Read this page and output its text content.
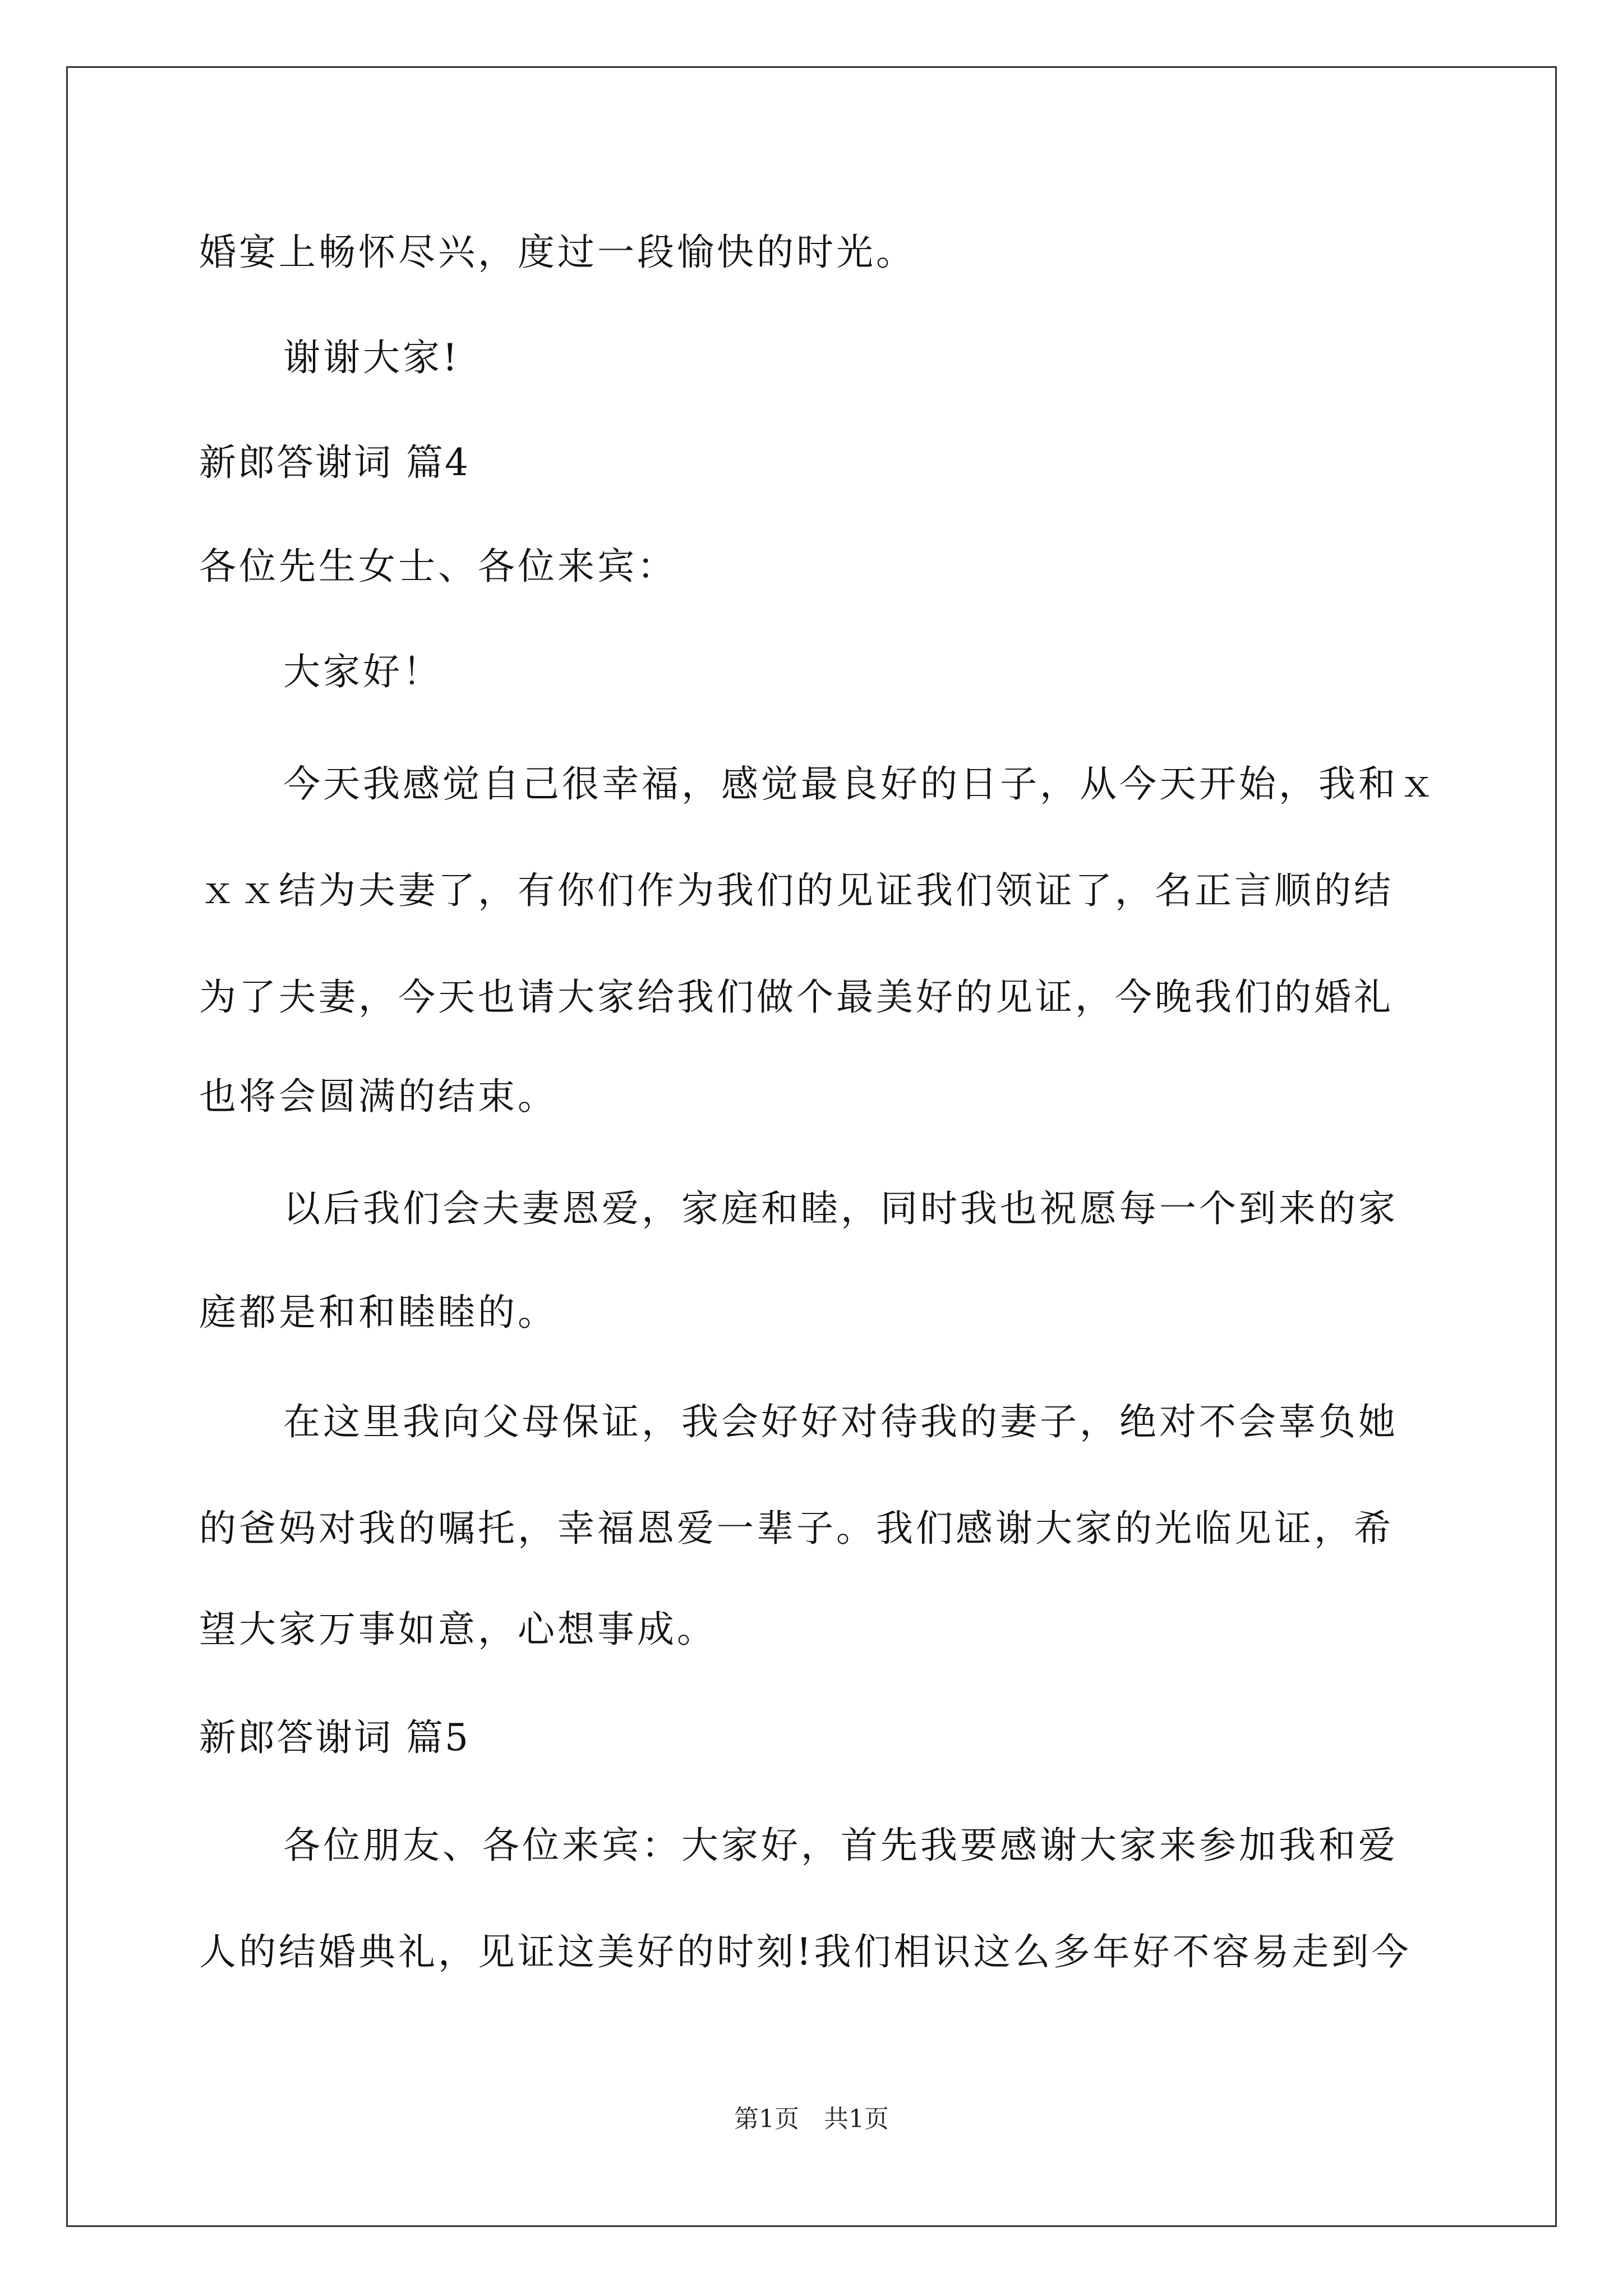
婚宴上畅怀尽兴，度过一段愉快的时光。
谢谢大家!
新郎答谢词 篇4
各位先生女士、各位来宾：
大家好！
今天我感觉自己很幸福，感觉最良好的日子，从今天开始，我和ｘ
ｘｘ结为夫妻了，有你们作为我们的见证我们领证了，名正言顺的结
为了夫妻，今天也请大家给我们做个最美好的见证，今晚我们的婚礼
也将会圆满的结束。
以后我们会夫妻恩爱，家庭和睦，同时我也祝愿每一个到来的家
庭都是和和睦睦的。
在这里我向父母保证，我会好好对待我的妻子，绝对不会辜负她
的爸妈对我的嘱托，幸福恩爱一辈子。我们感谢大家的光临见证，希
望大家万事如意，心想事成。
新郎答谢词 篇5
各位朋友、各位来宾：大家好，首先我要感谢大家来参加我和爱
人的结婚典礼，见证这美好的时刻!我们相识这么多年好不容易走到今
第1页　共1页
